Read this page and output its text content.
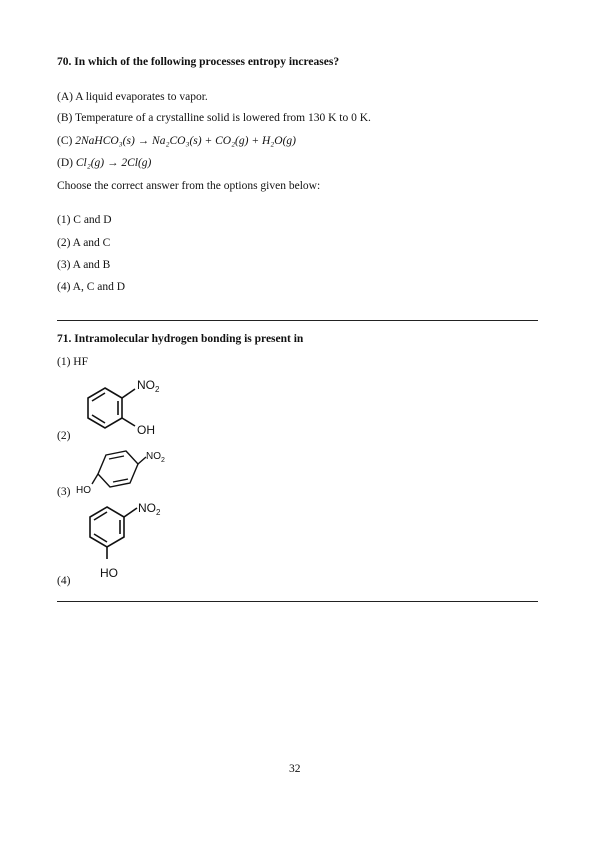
70. In which of the following processes entropy increases?
(A) A liquid evaporates to vapor.
(B) Temperature of a crystalline solid is lowered from 130 K to 0 K.
(C) 2NaHCO₃(s) → Na₂CO₃(s) + CO₂(g) + H₂O(g)
(D) Cl₂(g) → 2Cl(g)
Choose the correct answer from the options given below:
(1) C and D
(2) A and C
(3) A and B
(4) A, C and D
71. Intramolecular hydrogen bonding is present in
(1) HF
(2)
$NO_2$
OH
(3)
$NO_2$
HO
(4)
$NO_2$
HO
32
